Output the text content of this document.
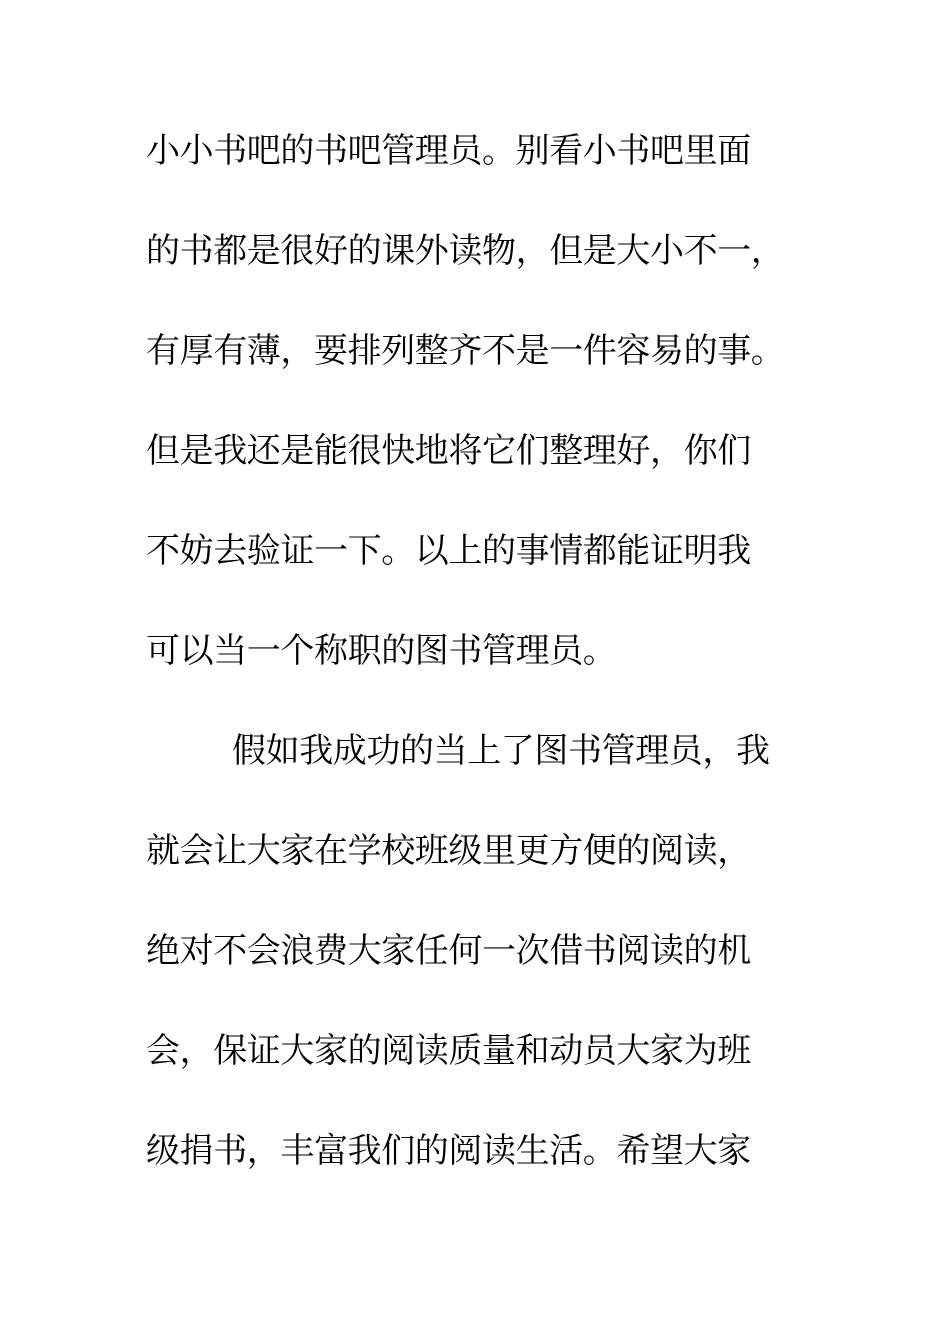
小小书吧的书吧管理员。别看小书吧里面
的书都是很好的课外读物，但是大小不一，
有厚有薄，要排列整齐不是一件容易的事。
但是我还是能很快地将它们整理好，你们
不妨去验证一下。以上的事情都能证明我
可以当一个称职的图书管理员。
假如我成功的当上了图书管理员，我
就会让大家在学校班级里更方便的阅读，
绝对不会浪费大家任何一次借书阅读的机
会，保证大家的阅读质量和动员大家为班
级捐书，丰富我们的阅读生活。希望大家
